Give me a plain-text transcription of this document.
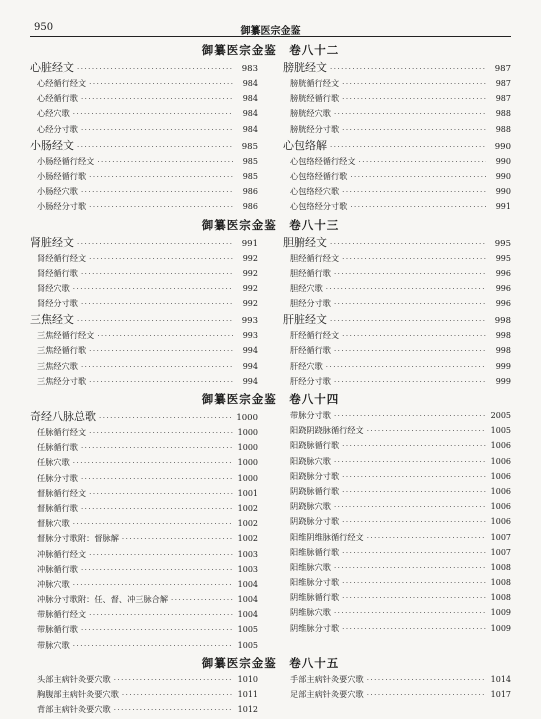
950	御纂医宗金鉴
御纂医宗金鉴　卷八十二
心脏经文 ·····	983
心经循行经文 ·····	984
心经循行歌 ·····	984
心经穴歌 ·····	984
心经分寸歌 ·····	984
小肠经文 ·····	985
小肠经循行经文 ·····	985
小肠经循行歌 ·····	985
小肠经穴歌 ·····	986
小肠经分寸歌 ·····	986
膀胱经文 ·····	987
膀胱循行经文 ·····	987
膀胱经循行歌 ·····	987
膀胱经穴歌 ·····	988
膀胱经分寸歌 ·····	988
心包络解 ·····	990
心包络经循行经文 ·····	990
心包络经循行歌 ·····	990
心包络经穴歌 ·····	990
心包络经分寸歌 ·····	991
御纂医宗金鉴　卷八十三
肾脏经文 ·····	991
肾经循行经文 ·····	992
肾经循行歌 ·····	992
肾经穴歌 ·····	992
肾经分寸歌 ·····	992
三焦经文 ·····	993
三焦经循行经文 ·····	993
三焦经循行歌 ·····	994
三焦经穴歌 ·····	994
三焦经分寸歌 ·····	994
胆腑经文 ·····	995
胆经循行经文 ·····	995
胆经循行歌 ·····	996
胆经穴歌 ·····	996
胆经分寸歌 ·····	996
肝脏经文 ·····	998
肝经循行经文 ·····	998
肝经循行歌 ·····	998
肝经穴歌 ·····	999
肝经分寸歌 ·····	999
御纂医宗金鉴　卷八十四
奇经八脉总歌 ·····	1000
任脉循行经文 ·····	1000
任脉循行歌 ·····	1000
任脉穴歌 ·····	1000
任脉分寸歌 ·····	1000
督脉循行经文 ·····	1001
督脉循行歌 ·····	1002
督脉穴歌 ·····	1002
督脉分寸歌附：督脉解 ·····	1002
冲脉循行经文 ·····	1003
冲脉循行歌 ·····	1003
冲脉穴歌 ·····	1004
冲脉分寸歌附：任、督、冲三脉合解 ·····	1004
带脉循行经文 ·····	1004
带脉循行歌 ·····	1005
带脉穴歌 ·····	1005
带脉分寸歌 ·····	2005
阳跷阴跷脉循行经文 ·····	1005
阳跷脉循行歌 ·····	1006
阳跷脉穴歌 ·····	1006
阳跷脉分寸歌 ·····	1006
阴跷脉循行歌 ·····	1006
阴跷脉穴歌 ·····	1006
阴跷脉分寸歌 ·····	1006
阳维阴维脉循行经文 ·····	1007
阳维脉循行歌 ·····	1007
阳维脉穴歌 ·····	1008
阳维脉分寸歌 ·····	1008
阴维脉循行歌 ·····	1008
阴维脉穴歌 ·····	1009
阴维脉分寸歌 ·····	1009
御纂医宗金鉴　卷八十五
头部主病针灸要穴歌 ·····	1010
胸腹部主病针灸要穴歌 ·····	1011
背部主病针灸要穴歌 ·····	1012
手部主病针灸要穴歌 ·····	1014
足部主病针灸要穴歌 ·····	1017
